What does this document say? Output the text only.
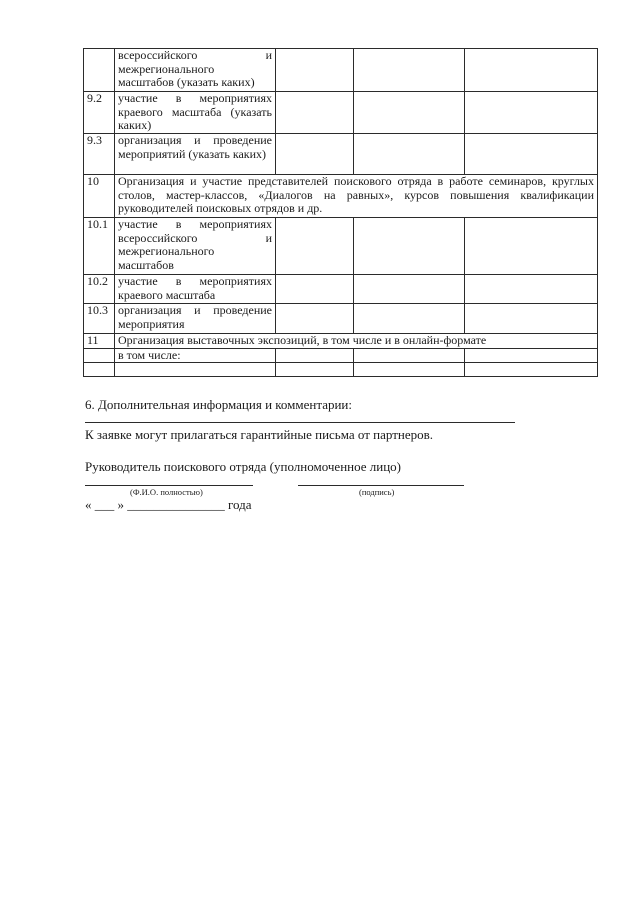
	всероссийского и межрегионального масштабов (указать каких)			
9.2	участие в мероприятиях краевого масштаба (указать каких)			
9.3	организация и проведение мероприятий (указать каких)			
10	Организация и участие представителей поискового отряда в работе семинаров, круглых столов, мастер-классов, «Диалогов на равных», курсов повышения квалификации руководителей поисковых отрядов и др.			
10.1	участие в мероприятиях всероссийского и межрегионального масштабов			
10.2	участие в мероприятиях краевого масштаба			
10.3	организация и проведение мероприятия			
11	Организация выставочных экспозиций, в том числе и в онлайн-формате			
	в том числе:			

6. Дополнительная информация и комментарии:
К заявке могут прилагаться гарантийные письма от партнеров.
Руководитель поискового отряда (уполномоченное лицо)
(Ф.И.О. полностью)	(подпись)
« ___ » _______________ года
